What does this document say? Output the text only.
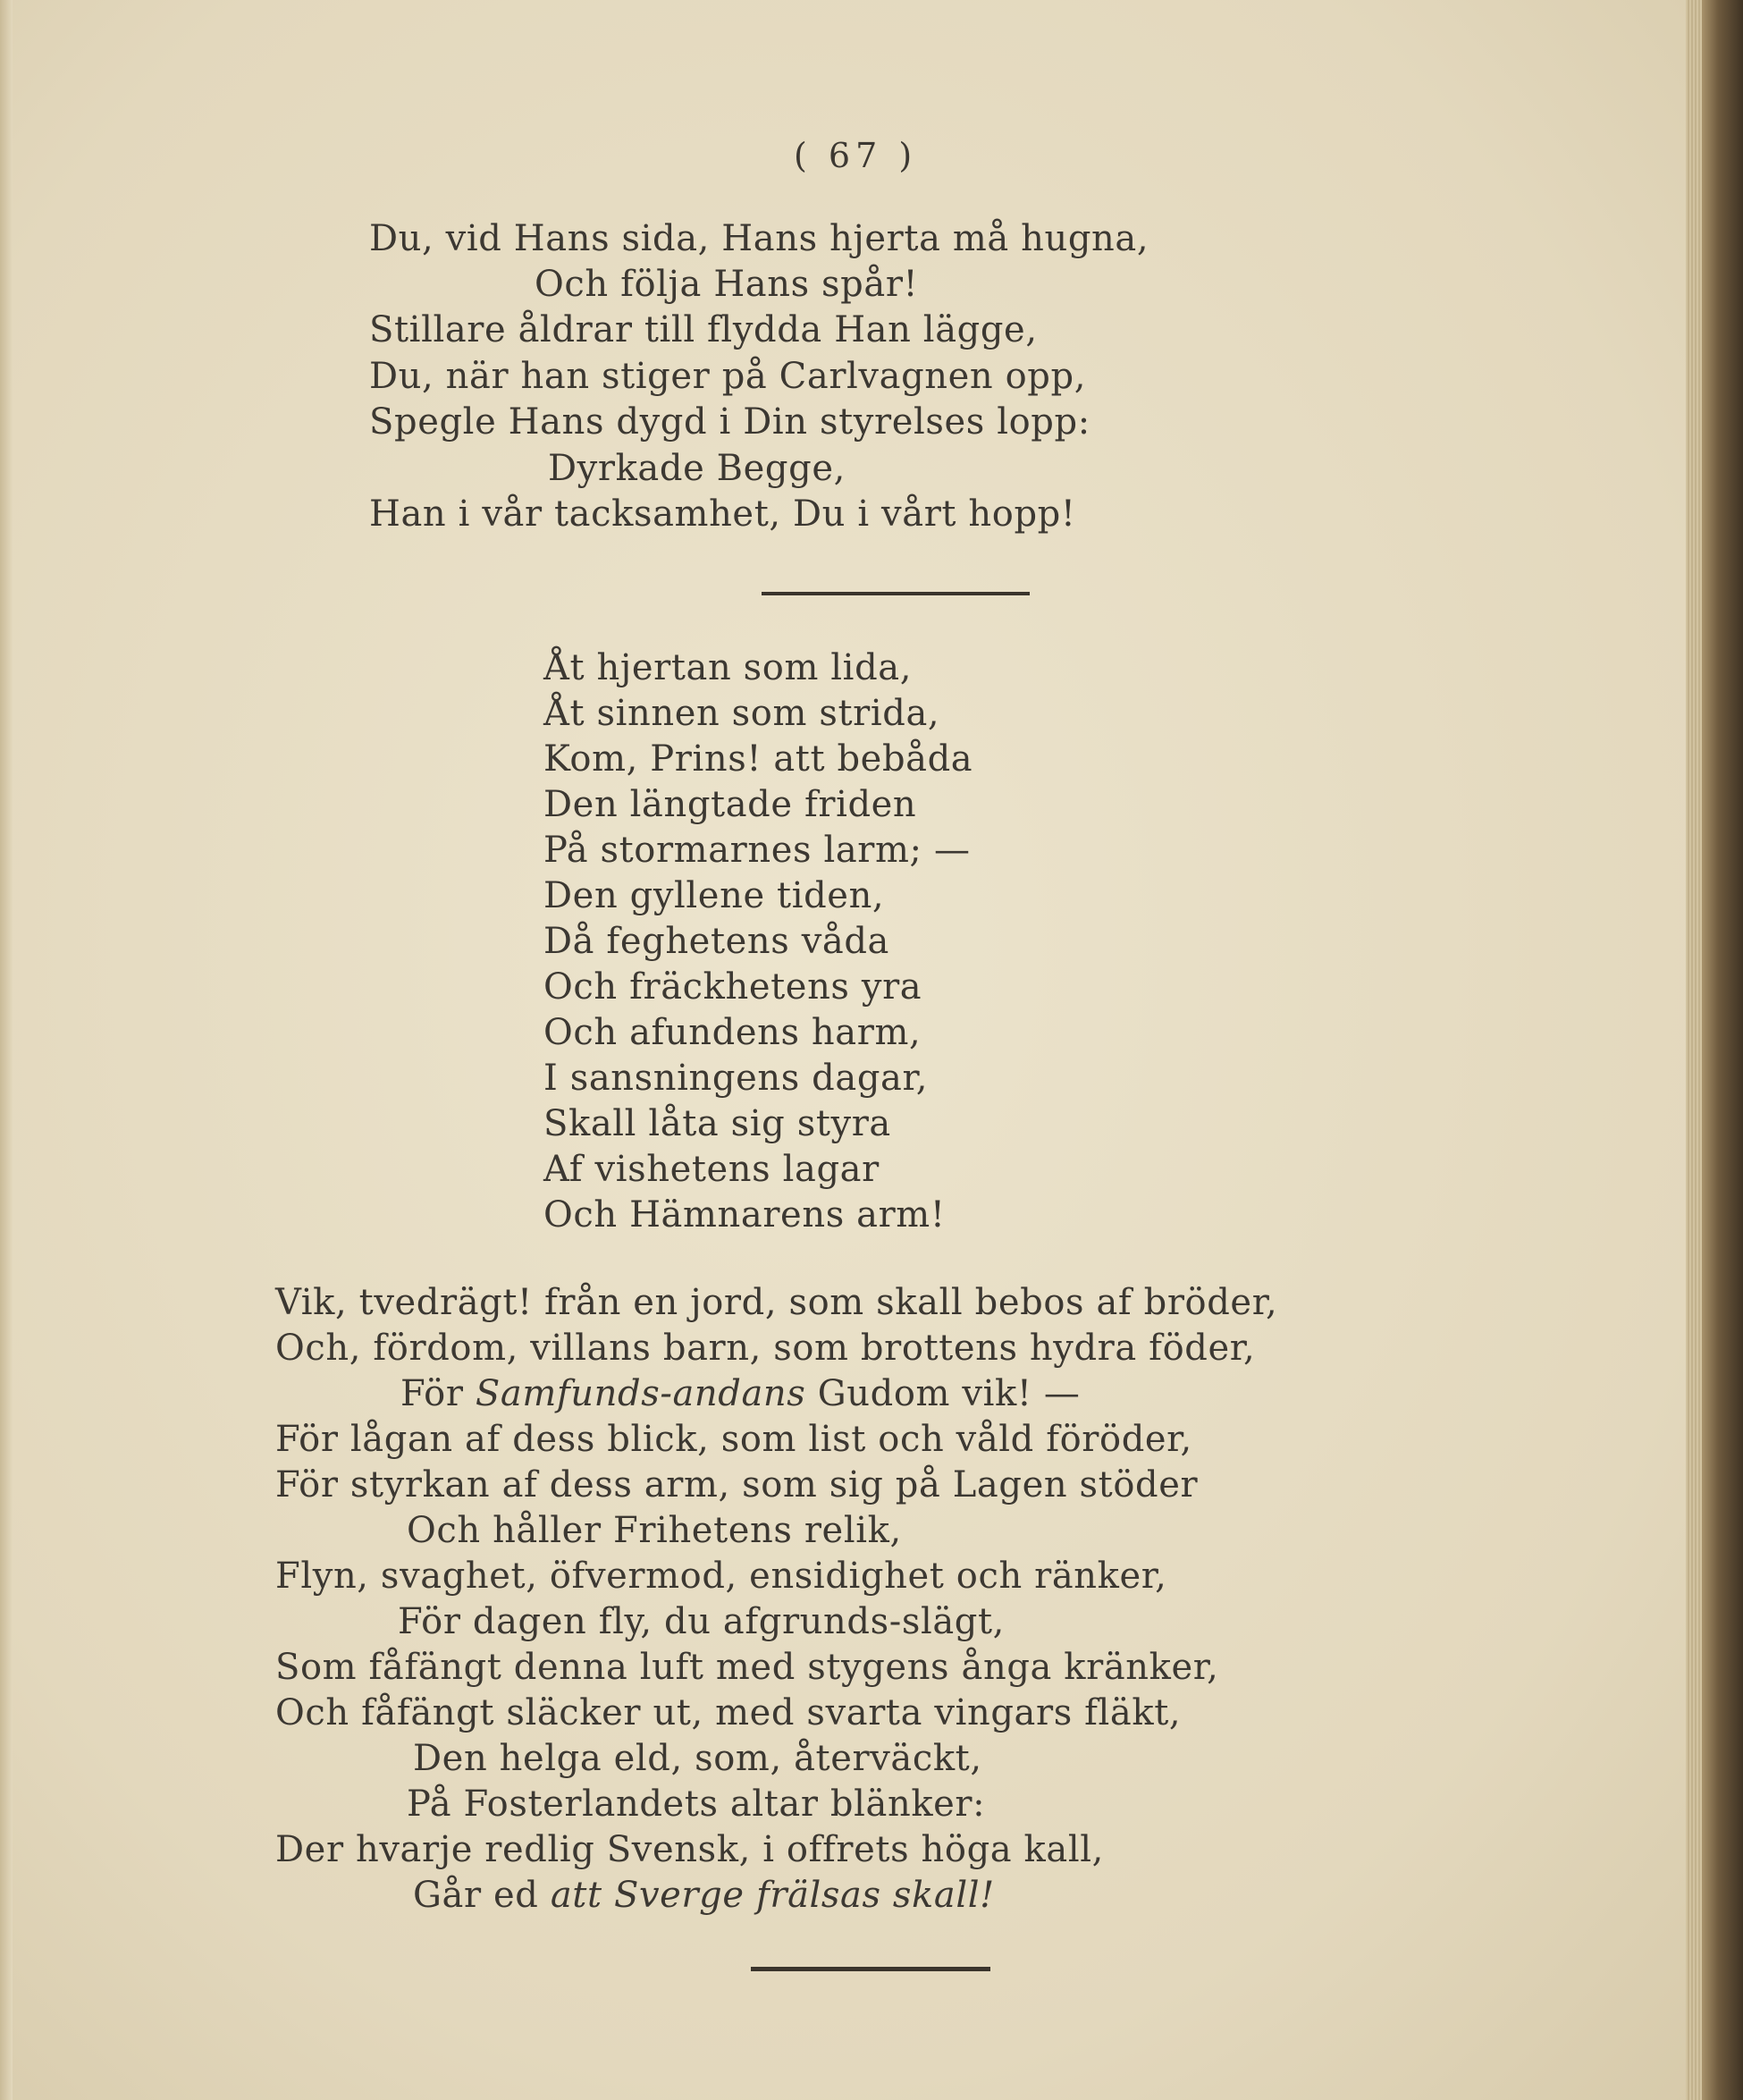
( 67 )
Du, vid Hans sida, Hans hjerta må hugna,
Och följa Hans spår!
Stillare åldrar till flydda Han lägge,
Du, när han stiger på Carlvagnen opp,
Spegle Hans dygd i Din styrelses lopp:
Dyrkade Begge,
Han i vår tacksamhet, Du i vårt hopp!
Åt hjertan som lida,
Åt sinnen som strida,
Kom, Prins! att bebåda
Den längtade friden
På stormarnes larm; —
Den gyllene tiden,
Då feghetens våda
Och fräckhetens yra
Och afundens harm,
I sansningens dagar,
Skall låta sig styra
Af vishetens lagar
Och Hämnarens arm!
Vik, tvedrägt! från en jord, som skall bebos af bröder,
Och, fördom, villans barn, som brottens hydra föder,
För Samfunds-andans Gudom vik! —
För lågan af dess blick, som list och våld föröder,
För styrkan af dess arm, som sig på Lagen stöder
Och håller Frihetens relik,
Flyn, svaghet, öfvermod, ensidighet och ränker,
För dagen fly, du afgrunds-slägt,
Som fåfängt denna luft med stygens ånga kränker,
Och fåfängt släcker ut, med svarta vingars fläkt,
Den helga eld, som, återväckt,
På Fosterlandets altar blänker:
Der hvarje redlig Svensk, i offrets höga kall,
Går ed att Sverge frälsas skall!
